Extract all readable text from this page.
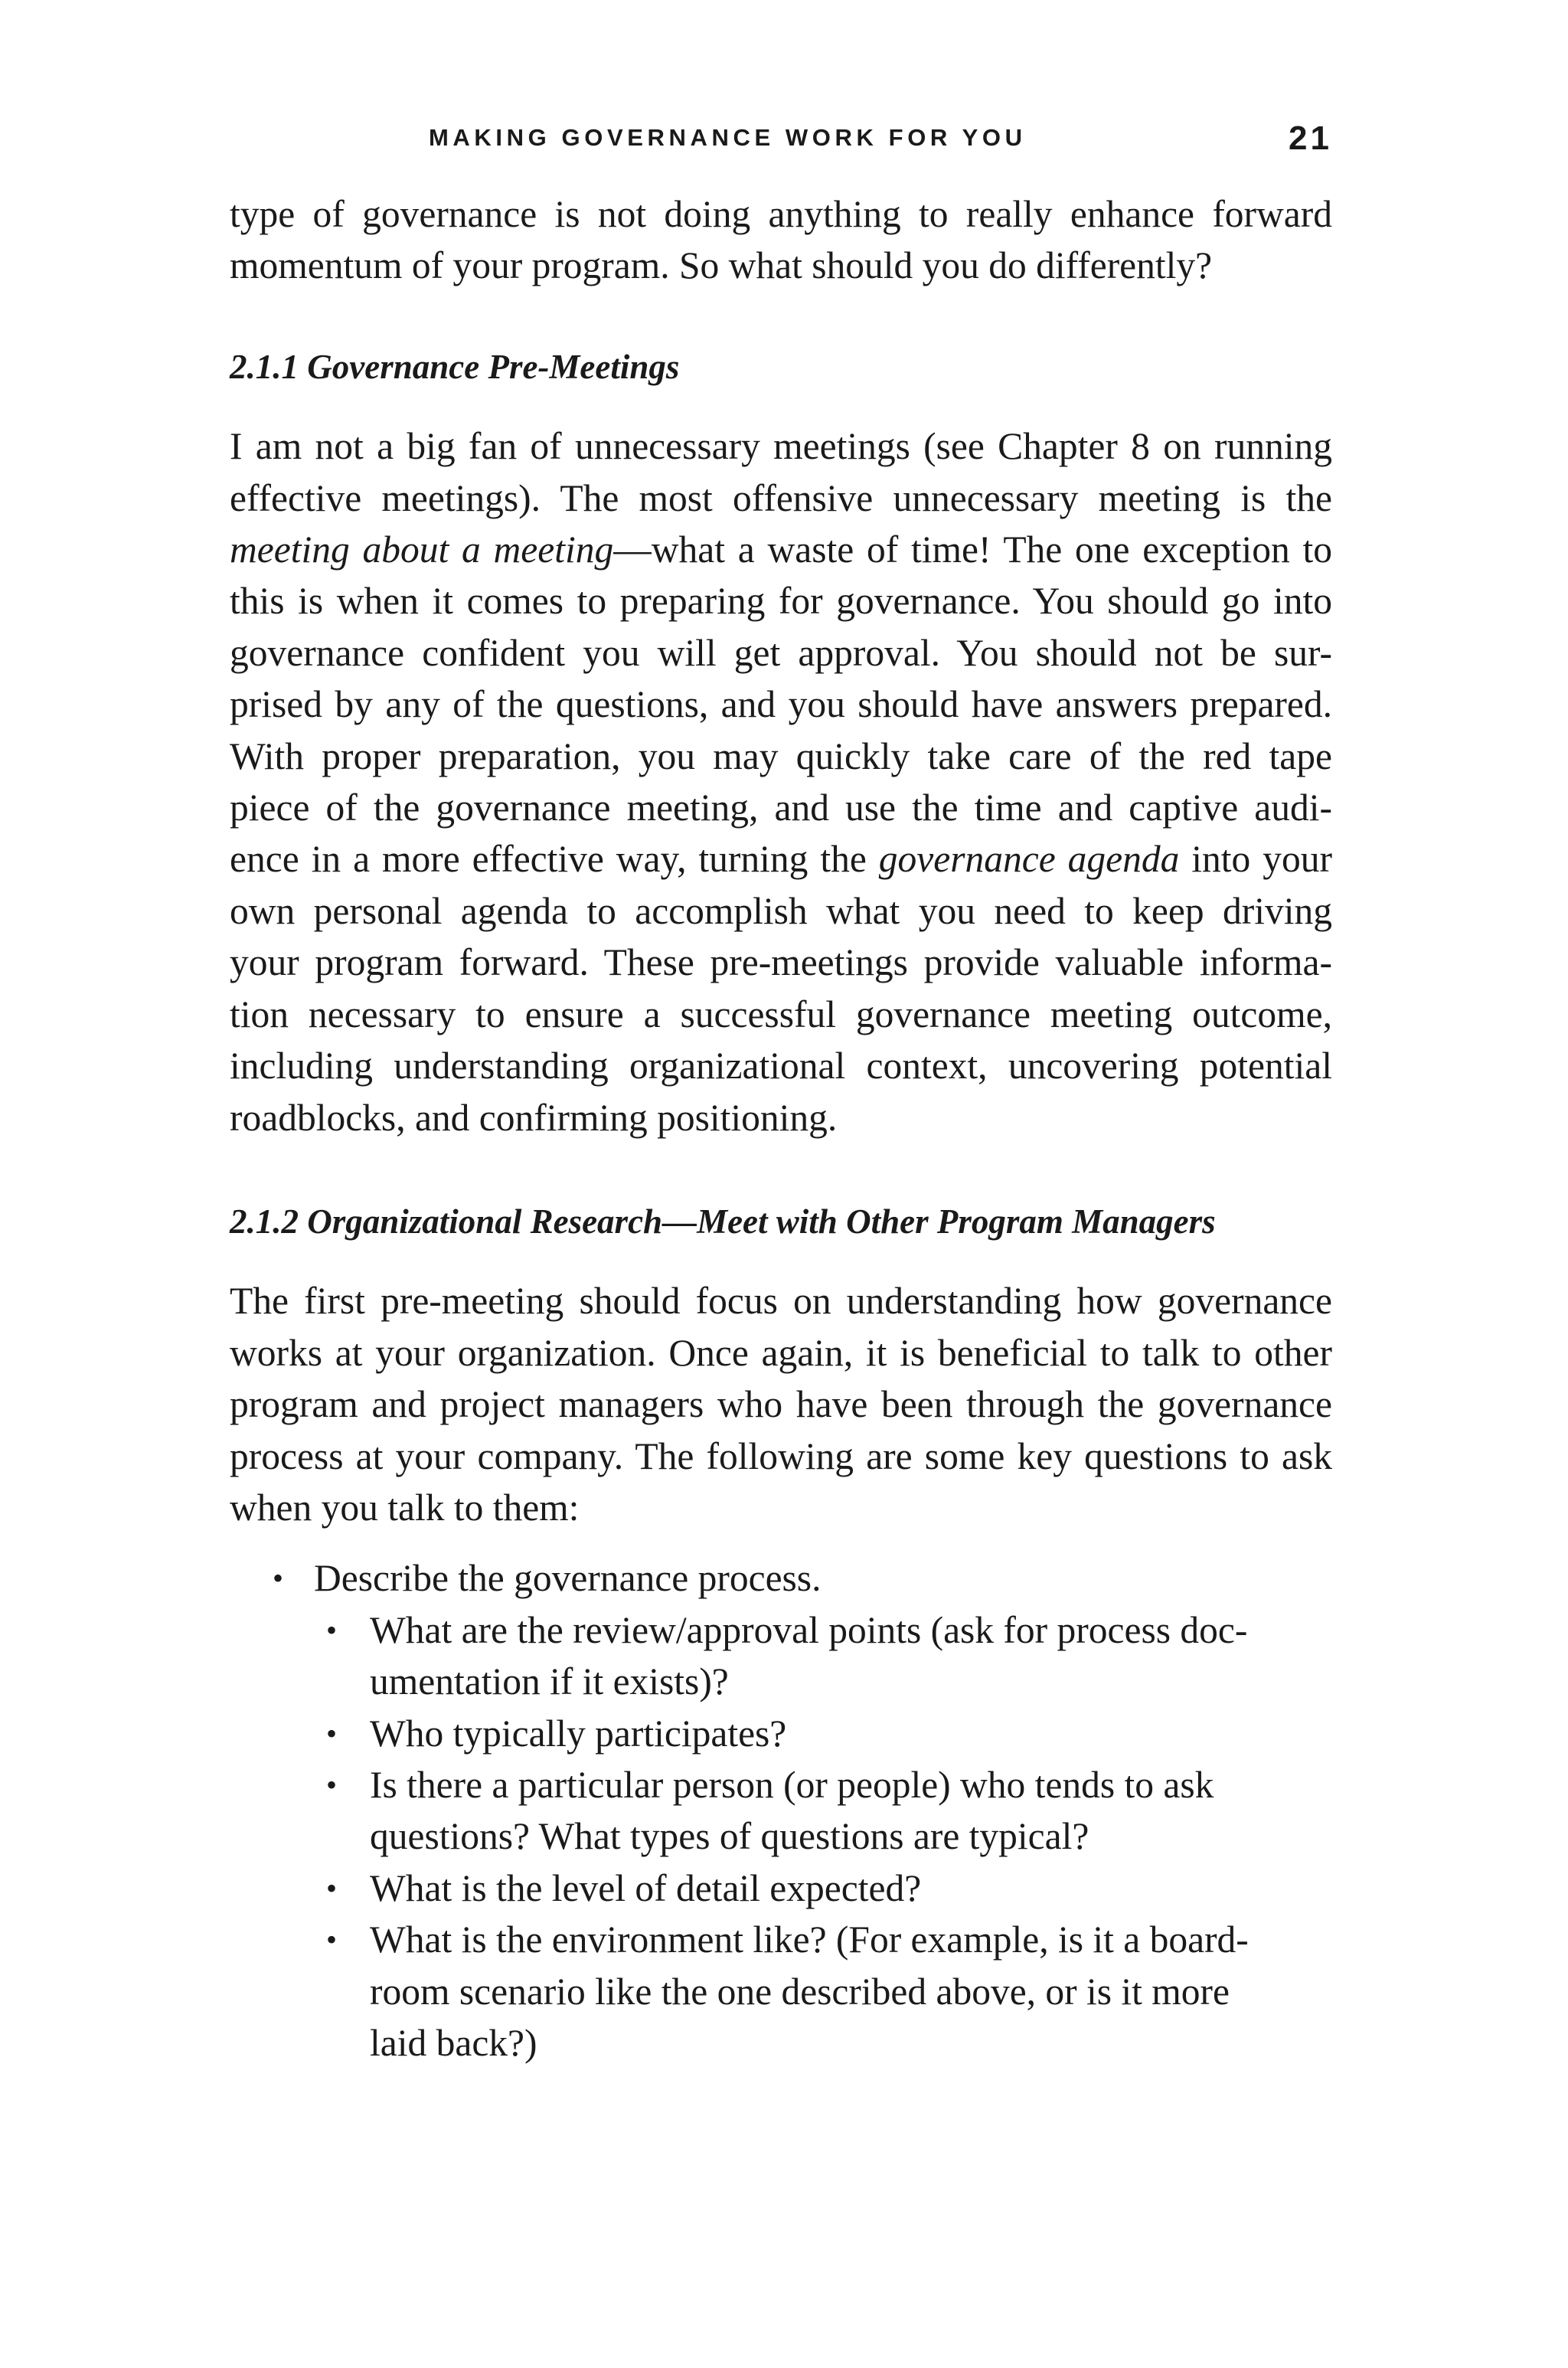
MAKING GOVERNANCE WORK FOR YOU	21

type of governance is not doing anything to really enhance forward
momentum of your program. So what should you do differently?

2.1.1 Governance Pre-Meetings

I am not a big fan of unnecessary meetings (see Chapter 8 on running
effective meetings). The most offensive unnecessary meeting is the
meeting about a meeting—what a waste of time! The one exception to
this is when it comes to preparing for governance. You should go into
governance confident you will get approval. You should not be sur-
prised by any of the questions, and you should have answers prepared.
With proper preparation, you may quickly take care of the red tape
piece of the governance meeting, and use the time and captive audi-
ence in a more effective way, turning the governance agenda into your
own personal agenda to accomplish what you need to keep driving
your program forward. These pre-meetings provide valuable informa-
tion necessary to ensure a successful governance meeting outcome,
including understanding organizational context, uncovering potential
roadblocks, and confirming positioning.

2.1.2 Organizational Research—Meet with Other Program Managers

The first pre-meeting should focus on understanding how governance
works at your organization. Once again, it is beneficial to talk to other
program and project managers who have been through the governance
process at your company. The following are some key questions to ask
when you talk to them:

• Describe the governance process.
• What are the review/approval points (ask for process doc-
umentation if it exists)?
• Who typically participates?
• Is there a particular person (or people) who tends to ask
questions? What types of questions are typical?
• What is the level of detail expected?
• What is the environment like? (For example, is it a board-
room scenario like the one described above, or is it more
laid back?)
